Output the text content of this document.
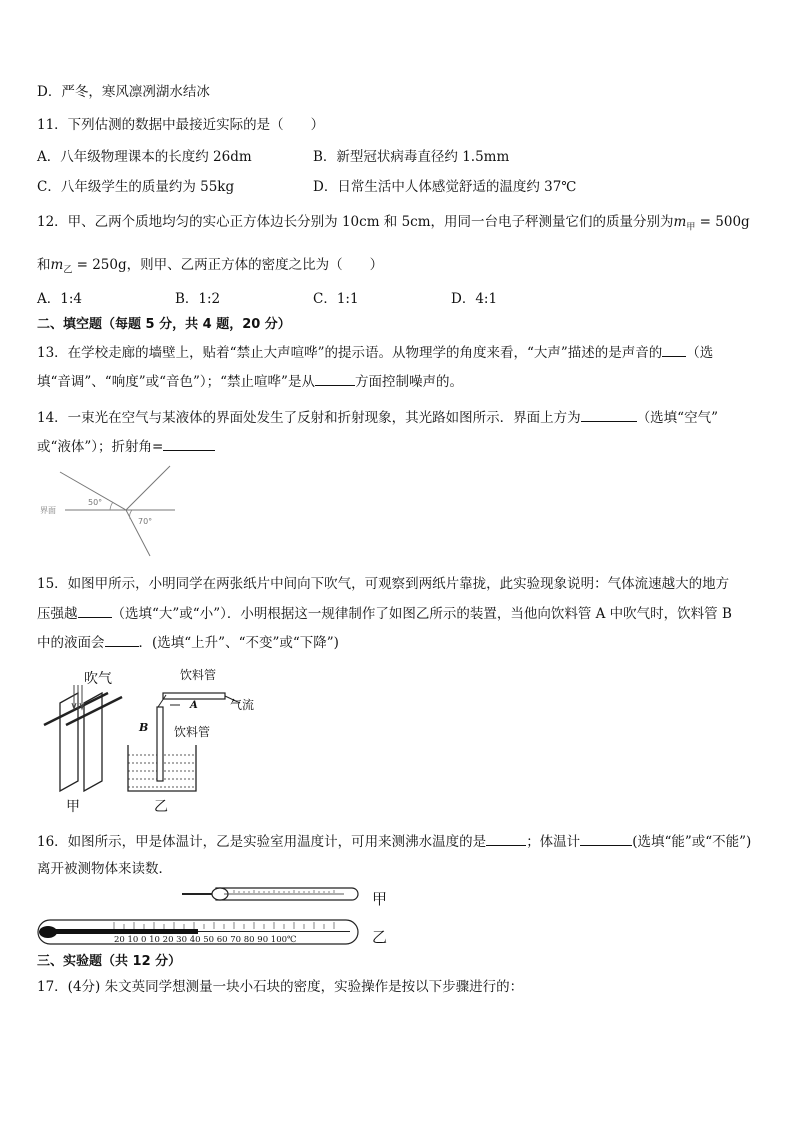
D．严冬，寒风凛冽湖水结冰
11．下列估测的数据中最接近实际的是（　　）
A．八年级物理课本的长度约 26dm	B．新型冠状病毒直径约 1.5mm
C．八年级学生的质量约为 55kg	D．日常生活中人体感觉舒适的温度约 37℃
12．甲、乙两个质地均匀的实心正方体边长分别为 10cm 和 5cm，用同一台电子秤测量它们的质量分别为$m_甲 = 500g$
和$m_乙 = 250g$，则甲、乙两正方体的密度之比为（　　）
A．1:4	B．1:2	C．1:1	D．4:1
二、填空题（每题 5 分，共 4 题，20 分）
13．在学校走廊的墙壁上，贴着“禁止大声喧哗”的提示语。从物理学的角度来看，“大声”描述的是声音的 （选
填“音调”、“响度”或“音色”）；“禁止喧哗”是从	方面控制噪声的。
14．一束光在空气与某液体的界面处发生了反射和折射现象，其光路如图所示．界面上方为	（选填“空气”
或“液体”）；折射角=
界面
50°
70°
15．如图甲所示，小明同学在两张纸片中间向下吹气，可观察到两纸片靠拢，此实验现象说明：气体流速越大的地方
压强越	（选填“大”或“小”）．小明根据这一规律制作了如图乙所示的装置，当他向饮料管 A 中吹气时，饮料管 B
中的液面会	．(选填“上升”、“不变”或“下降”)
吹气
甲
饮料管
气流
饮料管
A
B
乙
16．如图所示，甲是体温计，乙是实验室用温度计，可用来测沸水温度的是	；体温计	(选填“能”或“不能”)
离开被测物体来读数．
甲
20 10 0 10 20 30 40 50 60 70 80 90 100℃	乙
三、实验题（共 12 分）
17．(4分) 朱文英同学想测量一块小石块的密度，实验操作是按以下步骤进行的：
